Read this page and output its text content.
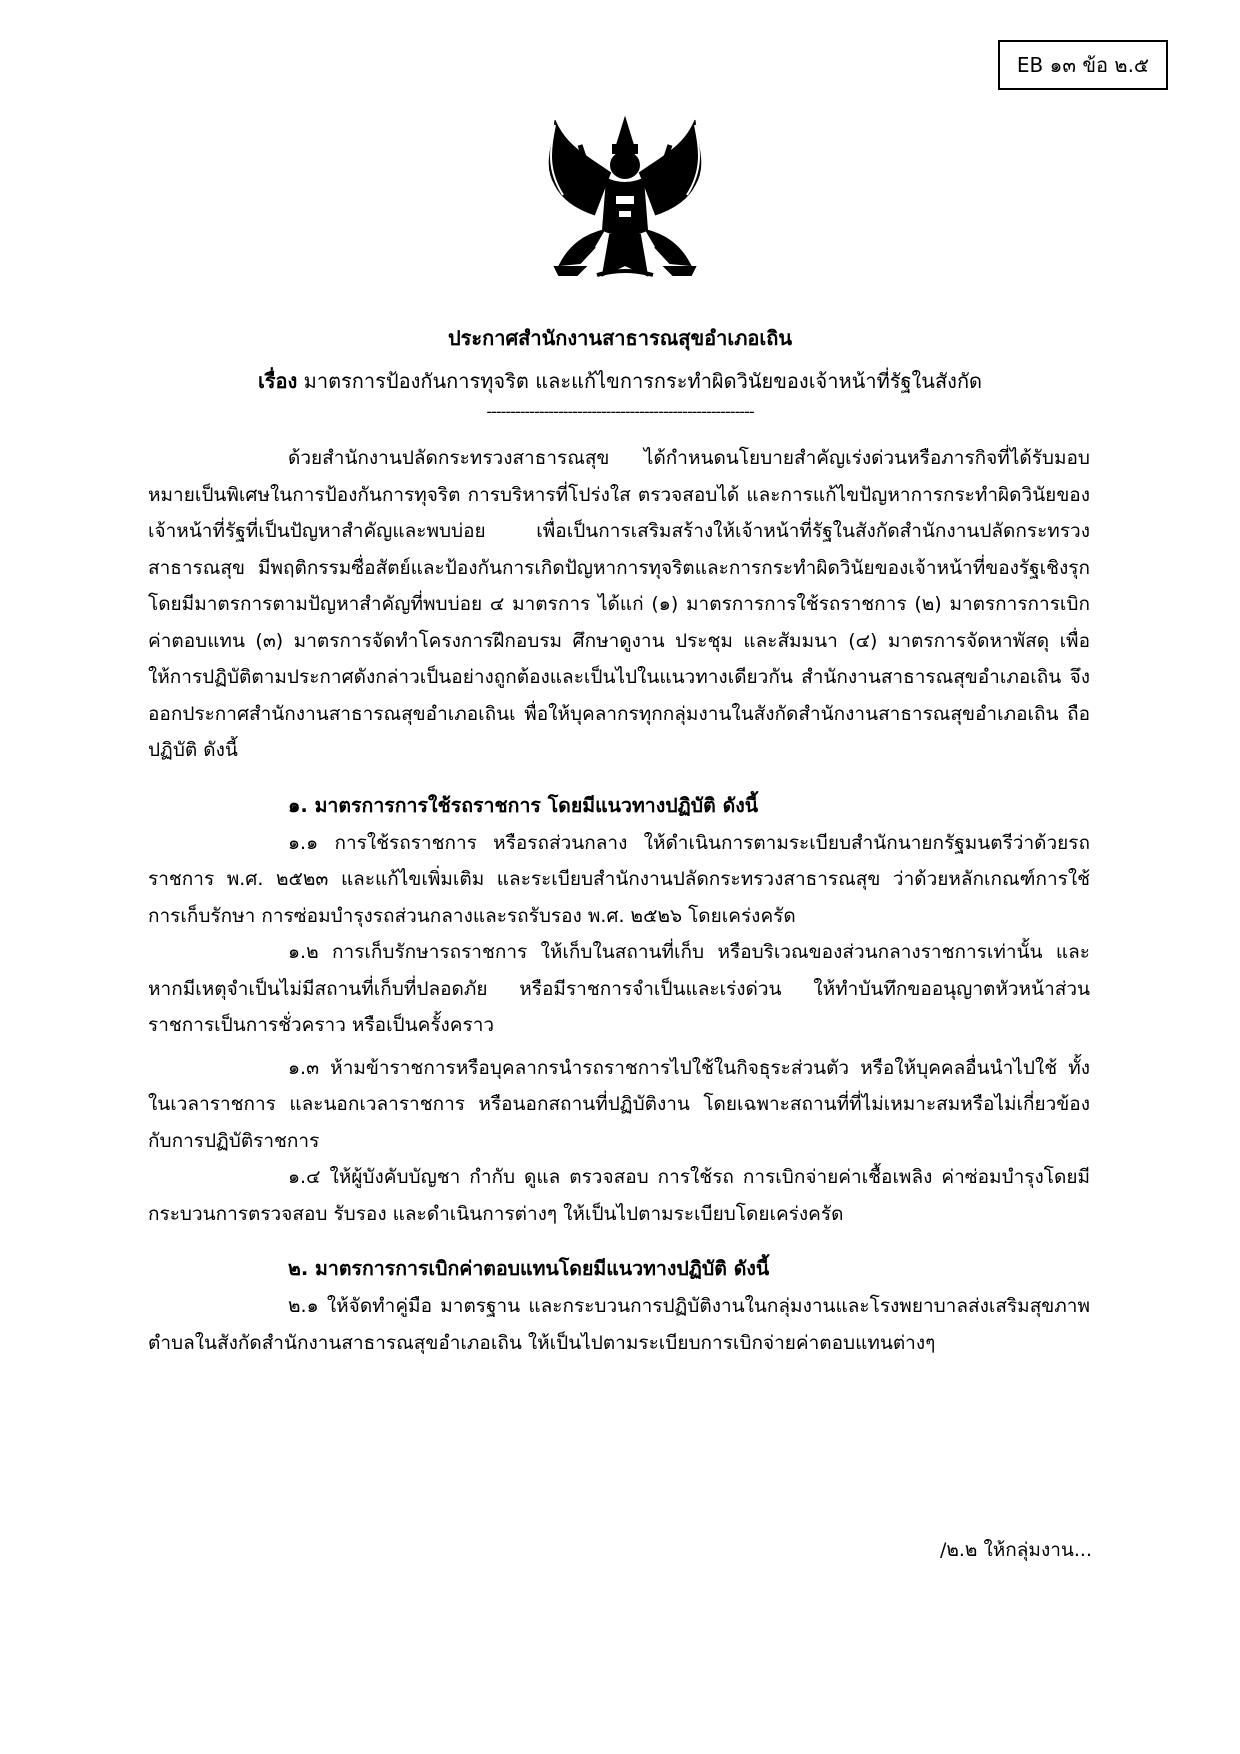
EB ๑๓ ข้อ ๒.๕
ประกาศสำนักงานสาธารณสุขอำเภอเถิน
เรื่อง มาตรการป้องกันการทุจริต และแก้ไขการกระทำผิดวินัยของเจ้าหน้าที่รัฐในสังกัด
--------------------------------------------------------

ด้วยสำนักงานปลัดกระทรวงสาธารณสุข ได้กำหนดนโยบายสำคัญเร่งด่วนหรือภารกิจที่ได้รับมอบหมายเป็นพิเศษในการป้องกันการทุจริต การบริหารที่โปร่งใส ตรวจสอบได้ และการแก้ไขปัญหาการกระทำผิดวินัยของเจ้าหน้าที่รัฐที่เป็นปัญหาสำคัญและพบบ่อย เพื่อเป็นการเสริมสร้างให้เจ้าหน้าที่รัฐในสังกัดสำนักงานปลัดกระทรวงสาธารณสุข มีพฤติกรรมซื่อสัตย์และป้องกันการเกิดปัญหาการทุจริตและการกระทำผิดวินัยของเจ้าหน้าที่ของรัฐเชิงรุก โดยมีมาตรการตามปัญหาสำคัญที่พบบ่อย ๔ มาตรการ ได้แก่ (๑) มาตรการการใช้รถราชการ (๒) มาตรการการเบิกค่าตอบแทน (๓) มาตรการจัดทำโครงการฝึกอบรม ศึกษาดูงาน ประชุม และสัมมนา (๔) มาตรการจัดหาพัสดุ เพื่อให้การปฏิบัติตามประกาศดังกล่าวเป็นอย่างถูกต้องและเป็นไปในแนวทางเดียวกัน สำนักงานสาธารณสุขอำเภอเถิน จึงออกประกาศสำนักงานสาธารณสุขอำเภอเถินเ พื่อให้บุคลากรทุกกลุ่มงานในสังกัดสำนักงานสาธารณสุขอำเภอเถิน ถือปฏิบัติ ดังนี้

๑. มาตรการการใช้รถราชการ โดยมีแนวทางปฏิบัติ ดังนี้

๑.๑ การใช้รถราชการ หรือรถส่วนกลาง ให้ดำเนินการตามระเบียบสำนักนายกรัฐมนตรีว่าด้วยรถราชการ พ.ศ. ๒๕๒๓ และแก้ไขเพิ่มเติม และระเบียบสำนักงานปลัดกระทรวงสาธารณสุข ว่าด้วยหลักเกณฑ์การใช้ การเก็บรักษา การซ่อมบำรุงรถส่วนกลางและรถรับรอง พ.ศ. ๒๕๒๖ โดยเคร่งครัด

๑.๒ การเก็บรักษารถราชการ ให้เก็บในสถานที่เก็บ หรือบริเวณของส่วนกลางราชการเท่านั้น และหากมีเหตุจำเป็นไม่มีสถานที่เก็บที่ปลอดภัย หรือมีราชการจำเป็นและเร่งด่วน ให้ทำบันทึกขออนุญาตหัวหน้าส่วนราชการเป็นการชั่วคราว หรือเป็นครั้งคราว

๑.๓ ห้ามข้าราชการหรือบุคลากรนำรถราชการไปใช้ในกิจธุระส่วนตัว หรือให้บุคคลอื่นนำไปใช้ ทั้งในเวลาราชการ และนอกเวลาราชการ หรือนอกสถานที่ปฏิบัติงาน โดยเฉพาะสถานที่ที่ไม่เหมาะสมหรือไม่เกี่ยวข้องกับการปฏิบัติราชการ

๑.๔ ให้ผู้บังคับบัญชา กำกับ ดูแล ตรวจสอบ การใช้รถ การเบิกจ่ายค่าเชื้อเพลิง ค่าซ่อมบำรุงโดยมีกระบวนการตรวจสอบ รับรอง และดำเนินการต่างๆ ให้เป็นไปตามระเบียบโดยเคร่งครัด

๒. มาตรการการเบิกค่าตอบแทนโดยมีแนวทางปฏิบัติ ดังนี้

๒.๑ ให้จัดทำคู่มือ มาตรฐาน และกระบวนการปฏิบัติงานในกลุ่มงานและโรงพยาบาลส่งเสริมสุขภาพตำบลในสังกัดสำนักงานสาธารณสุขอำเภอเถิน ให้เป็นไปตามระเบียบการเบิกจ่ายค่าตอบแทนต่างๆ

/๒.๒ ให้กลุ่มงาน...
